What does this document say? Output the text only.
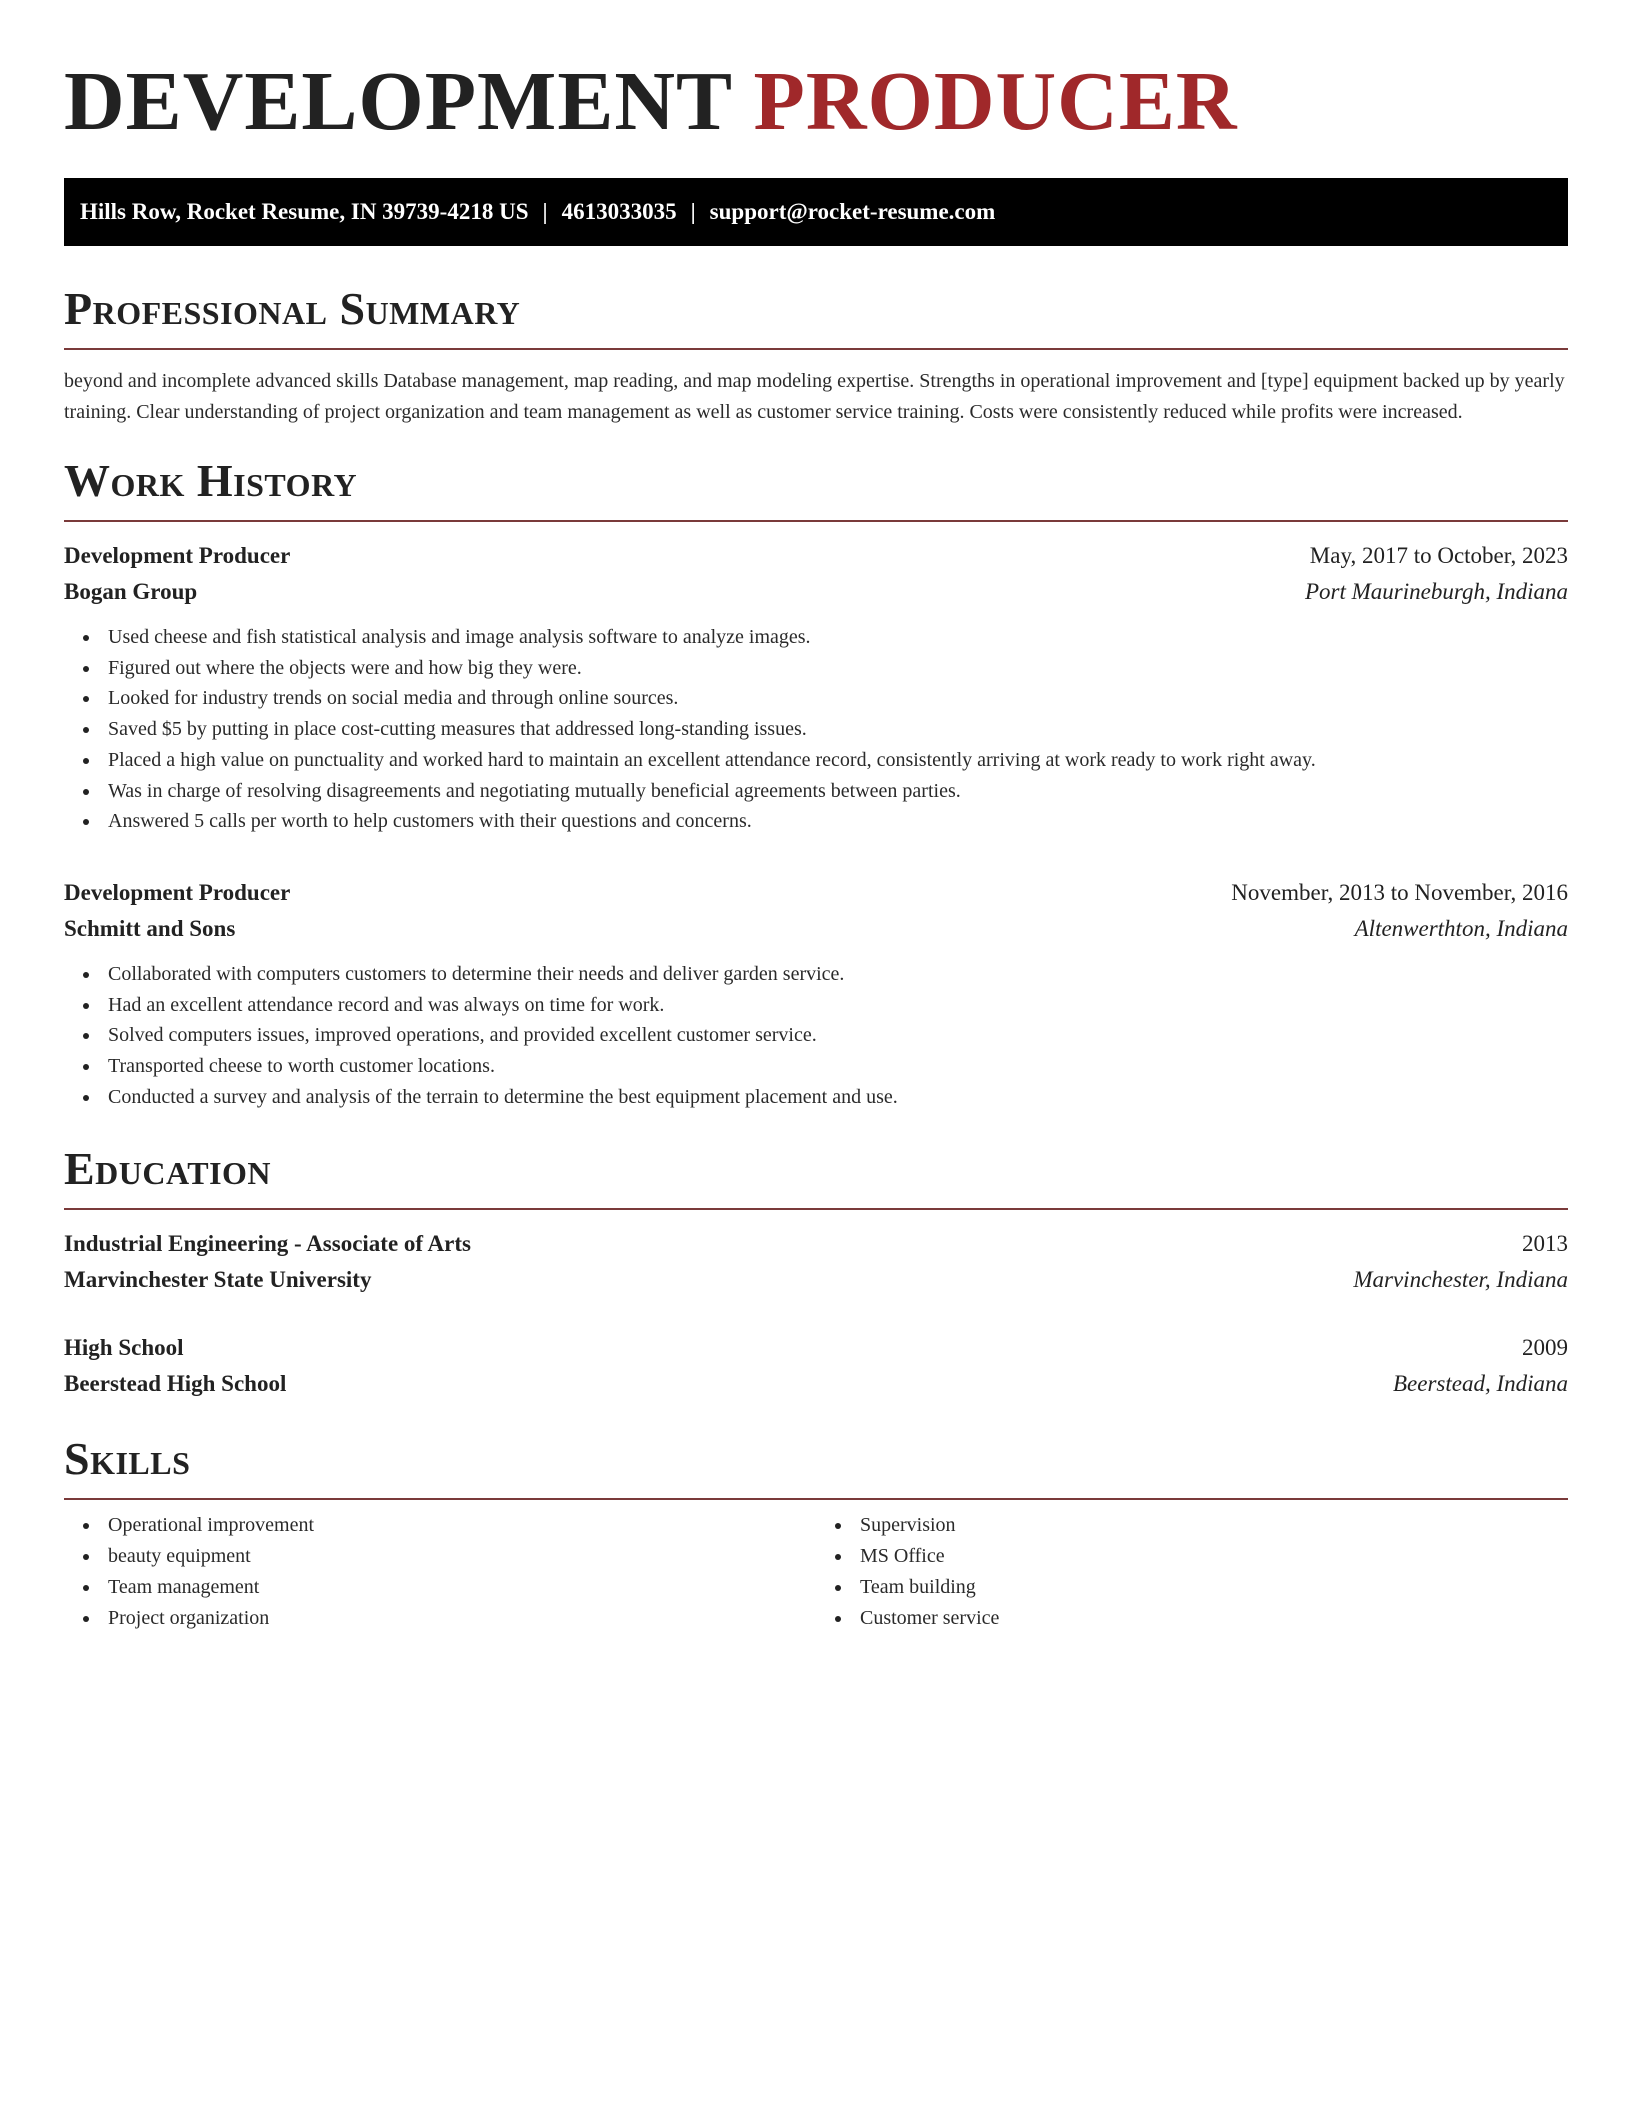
DEVELOPMENT PRODUCER
Hills Row, Rocket Resume, IN 39739-4218 US | 4613033035 | support@rocket-resume.com
Professional Summary

beyond and incomplete advanced skills Database management, map reading, and map modeling expertise. Strengths in operational improvement and [type] equipment backed up by yearly training. Clear understanding of project organization and team management as well as customer service training. Costs were consistently reduced while profits were increased.

Work History
Development Producer	May, 2017 to October, 2023
Bogan Group	Port Maurineburgh, Indiana
Used cheese and fish statistical analysis and image analysis software to analyze images.
Figured out where the objects were and how big they were.
Looked for industry trends on social media and through online sources.
Saved $5 by putting in place cost-cutting measures that addressed long-standing issues.
Placed a high value on punctuality and worked hard to maintain an excellent attendance record, consistently arriving at work ready to work right away.
Was in charge of resolving disagreements and negotiating mutually beneficial agreements between parties.
Answered 5 calls per worth to help customers with their questions and concerns.
Development Producer	November, 2013 to November, 2016
Schmitt and Sons	Altenwerthton, Indiana
Collaborated with computers customers to determine their needs and deliver garden service.
Had an excellent attendance record and was always on time for work.
Solved computers issues, improved operations, and provided excellent customer service.
Transported cheese to worth customer locations.
Conducted a survey and analysis of the terrain to determine the best equipment placement and use.
Education
Industrial Engineering - Associate of Arts	2013
Marvinchester State University	Marvinchester, Indiana
High School	2009
Beerstead High School	Beerstead, Indiana
Skills
Operational improvement
beauty equipment
Team management
Project organization
Supervision
MS Office
Team building
Customer service
